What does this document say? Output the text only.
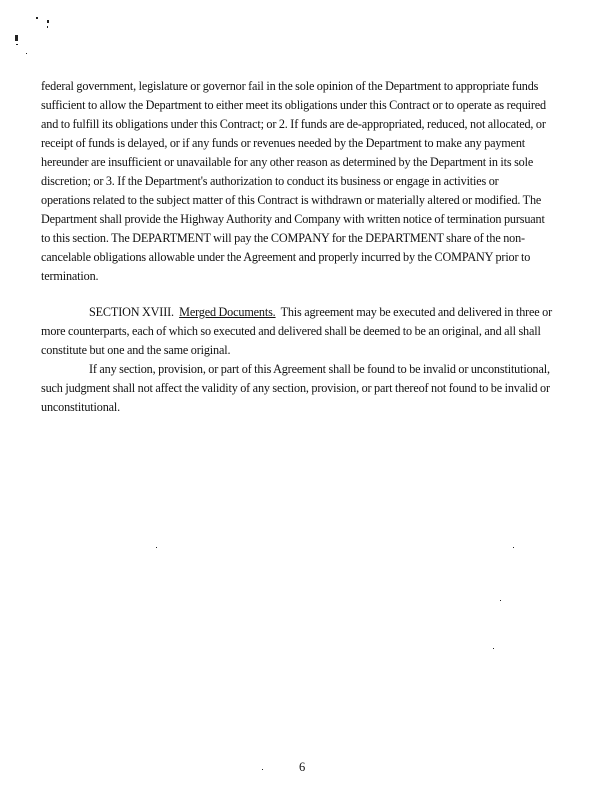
federal government, legislature or governor fail in the sole opinion of the Department to appropriate funds
sufficient to allow the Department to either meet its obligations under this Contract or to operate as required
and to fulfill its obligations under this Contract; or 2. If funds are de-appropriated, reduced, not allocated, or
receipt of funds is delayed, or if any funds or revenues needed by the Department to make any payment
hereunder are insufficient or unavailable for any other reason as determined by the Department in its sole
discretion; or 3. If the Department's authorization to conduct its business or engage in activities or
operations related to the subject matter of this Contract is withdrawn or materially altered or modified. The
Department shall provide the Highway Authority and Company with written notice of termination pursuant
to this section. The DEPARTMENT will pay the COMPANY for the DEPARTMENT share of the non-
cancelable obligations allowable under the Agreement and properly incurred by the COMPANY prior to
termination.
SECTION XVIII. Merged Documents. This agreement may be executed and delivered in three or
more counterparts, each of which so executed and delivered shall be deemed to be an original, and all shall
constitute but one and the same original.
If any section, provision, or part of this Agreement shall be found to be invalid or unconstitutional,
such judgment shall not affect the validity of any section, provision, or part thereof not found to be invalid or
unconstitutional.
6
